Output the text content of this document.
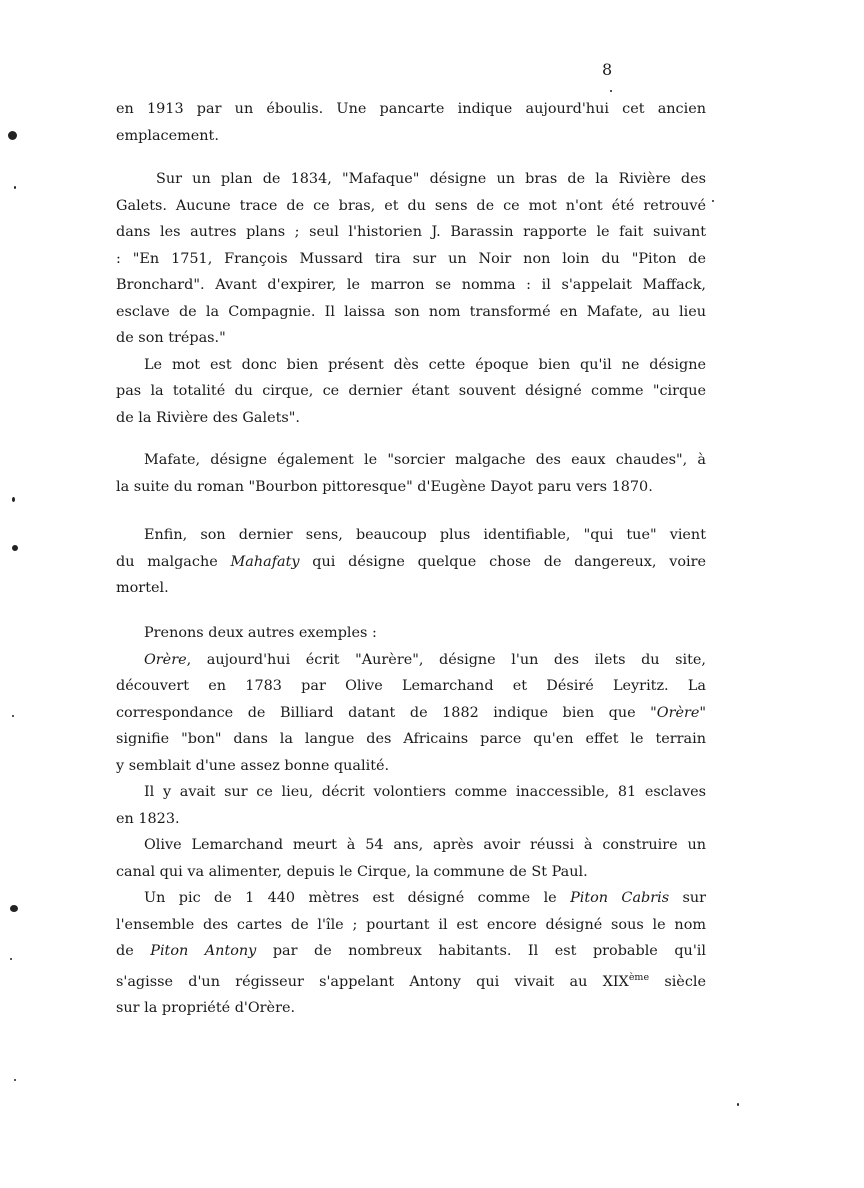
8
en 1913 par un éboulis. Une pancarte indique aujourd'hui cet ancien
emplacement.
Sur un plan de 1834, "Mafaque" désigne un bras de la Rivière des
Galets. Aucune trace de ce bras, et du sens de ce mot n'ont été retrouvé
dans les autres plans ; seul l'historien J. Barassin rapporte le fait suivant
: "En 1751, François Mussard tira sur un Noir non loin du "Piton de
Bronchard". Avant d'expirer, le marron se nomma : il s'appelait Maffack,
esclave de la Compagnie. Il laissa son nom transformé en Mafate, au lieu
de son trépas."
Le mot est donc bien présent dès cette époque bien qu'il ne désigne
pas la totalité du cirque, ce dernier étant souvent désigné comme "cirque
de la Rivière des Galets".
Mafate, désigne également le "sorcier malgache des eaux chaudes", à
la suite du roman "Bourbon pittoresque" d'Eugène Dayot paru vers 1870.
Enfin, son dernier sens, beaucoup plus identifiable, "qui tue" vient
du malgache Mahafaty qui désigne quelque chose de dangereux, voire
mortel.
Prenons deux autres exemples :
Orère, aujourd'hui écrit "Aurère", désigne l'un des ilets du site,
découvert en 1783 par Olive Lemarchand et Désiré Leyritz. La
correspondance de Billiard datant de 1882 indique bien que "Orère"
signifie "bon" dans la langue des Africains parce qu'en effet le terrain
y semblait d'une assez bonne qualité.
Il y avait sur ce lieu, décrit volontiers comme inaccessible, 81 esclaves
en 1823.
Olive Lemarchand meurt à 54 ans, après avoir réussi à construire un
canal qui va alimenter, depuis le Cirque, la commune de St Paul.
Un pic de 1 440 mètres est désigné comme le Piton Cabris sur
l'ensemble des cartes de l'île ; pourtant il est encore désigné sous le nom
de Piton Antony par de nombreux habitants. Il est probable qu'il
s'agisse d'un régisseur s'appelant Antony qui vivait au XIXème siècle
sur la propriété d'Orère.
